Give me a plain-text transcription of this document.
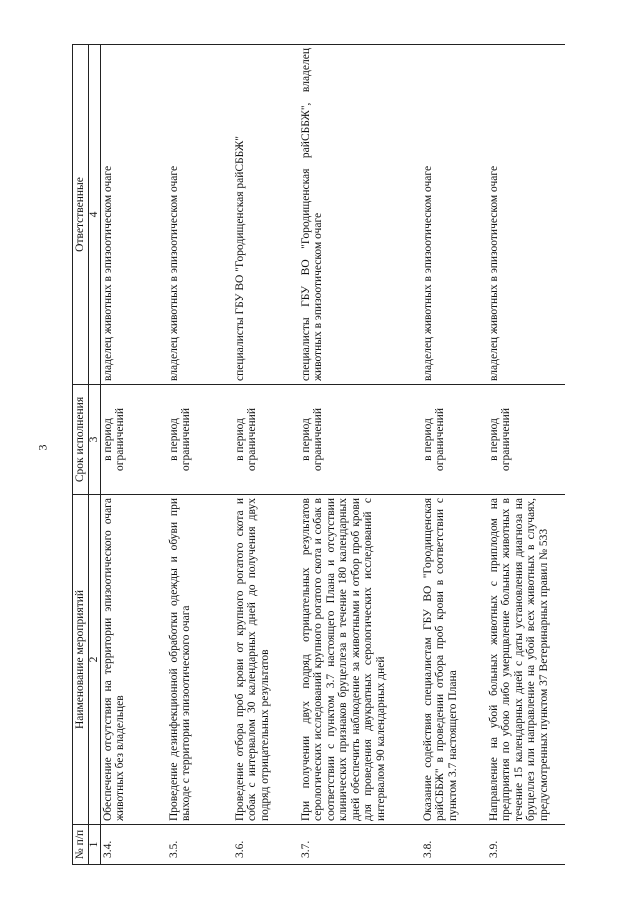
3
№ п/п	Наименование мероприятий	Срок исполнения	Ответственные
1	2	3	4
3.4.	Обеспечение отсутствия на территории эпизоотического очага животных без владельцев	в период ограничений	владелец животных в эпизоотическом очаге
3.5.	Проведение дезинфекционной обработки одежды и обуви при выходе с территории эпизоотического очага	в период ограничений	владелец животных в эпизоотическом очаге
3.6.	Проведение отбора проб крови от крупного рогатого скота и собак с интервалом 30 календарных дней до получения двух подряд отрицательных результатов	в период ограничений	специалисты ГБУ ВО "Городищенская райСББЖ"
3.7.	При получении двух подряд отрицательных результатов серологических исследований крупного рогатого скота и собак в соответствии с пунктом 3.7 настоящего Плана и отсутствии клинических признаков бруцеллеза в течение 180 календарных дней обеспечить наблюдение за животными и отбор проб крови для проведения двукратных серологических исследований с интервалом 90 календарных дней	в период ограничений	специалисты ГБУ ВО "Городищенская райСББЖ", владелец животных в эпизоотическом очаге
3.8.	Оказание содействия специалистам ГБУ ВО "Городищенская райСББЖ" в проведении отбора проб крови в соответствии с пунктом 3.7 настоящего Плана	в период ограничений	владелец животных в эпизоотическом очаге
3.9.	Направление на убой больных животных с приплодом на предприятия по убою либо умерщвление больных животных в течение 15 календарных дней с даты установления диагноза на бруцеллез или направление на убой всех животных в случаях, предусмотренных пунктом 37 Ветеринарных правил № 533	в период ограничений	владелец животных в эпизоотическом очаге
